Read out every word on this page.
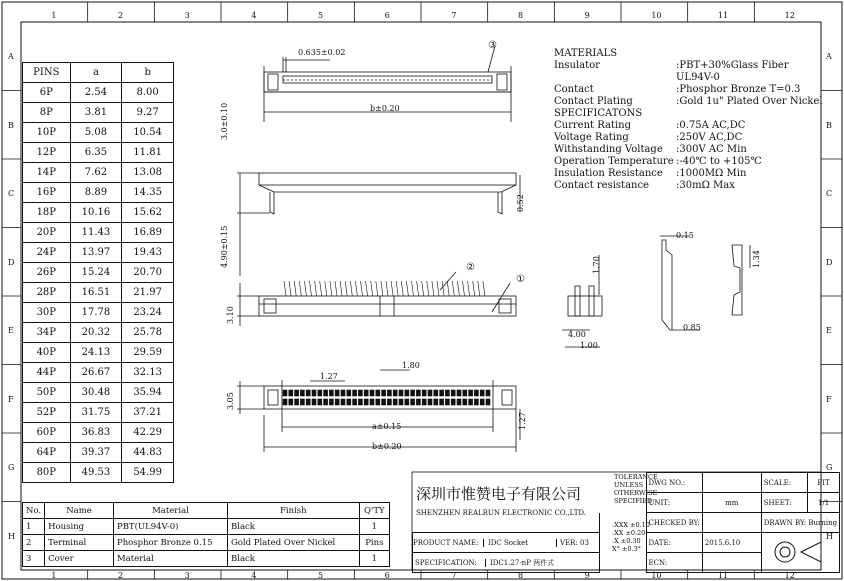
1
1
2
2
3
3
4
4
5
5
6
6
7
7
8
8
9
9
10
10
11
11
12
12
A	A
B	B
C	C
D	D
E	E
F	F
G	G
H	H
PINS	a	b
6P	2.54	8.00
8P	3.81	9.27
10P	5.08	10.54
12P	6.35	11.81
14P	7.62	13.08
16P	8.89	14.35
18P	10.16	15.62
20P	11.43	16.89
24P	13.97	19.43
26P	15.24	20.70
28P	16.51	21.97
30P	17.78	23.24
34P	20.32	25.78
40P	24.13	29.59
44P	26.67	32.13
50P	30.48	35.94
52P	31.75	37.21
60P	36.83	42.29
64P	39.37	44.83
80P	49.53	54.99
No.	Name	Material	Finish	Q'TY
1	Housing	PBT(UL94V-0)	Black	1
2	Terminal	Phosphor Bronze 0.15	Gold Plated Over Nickel	Pins
3	Cover	Material	Black	1
MATERIALS
Insulator	:PBT+30%Glass Fiber
UL94V-0
Contact	:Phosphor Bronze T=0.3
Contact Plating	:Gold 1u" Plated Over Nickel
SPECIFICATONS
Current Rating	:0.75A AC,DC
Voltage Rating	:250V AC,DC
Withstanding Voltage :300V AC Min
Operation Temperature :-40℃ to +105℃
Insulation Resistance :1000MΩ Min
Contact resistance	:30mΩ Max
0.635±0.02
③
b±0.20
3.0±0.10
4.90±0.15
0.52
②
①
3.10
3.05
1.27
1.80
a±0.15
b±0.20
1.27
1.70
4.00
1.00
0.15
0.85
1.34
深圳市惟赞电子有限公司
SHENZHEN REALRUN ELECTRONIC CO.,LTD.
TOLERANCE
UNLESS
OTHERWISE
SPECIFIED
.XXX ±0.10
.XX ±0.20
.X ±0.30
X° ±0.3°
		DWG NO.:		SCALE:	FIT
		UNIT:	mm	SHEET:	1/1
		CHECKED BY:		DRAWN BY: Burning	
PRODUCT NAME: IDC Socket VER: 03		DATE:	2015.6.10	
SPECIFICATION: IDC1.27-nP 两件式		ECN:			
